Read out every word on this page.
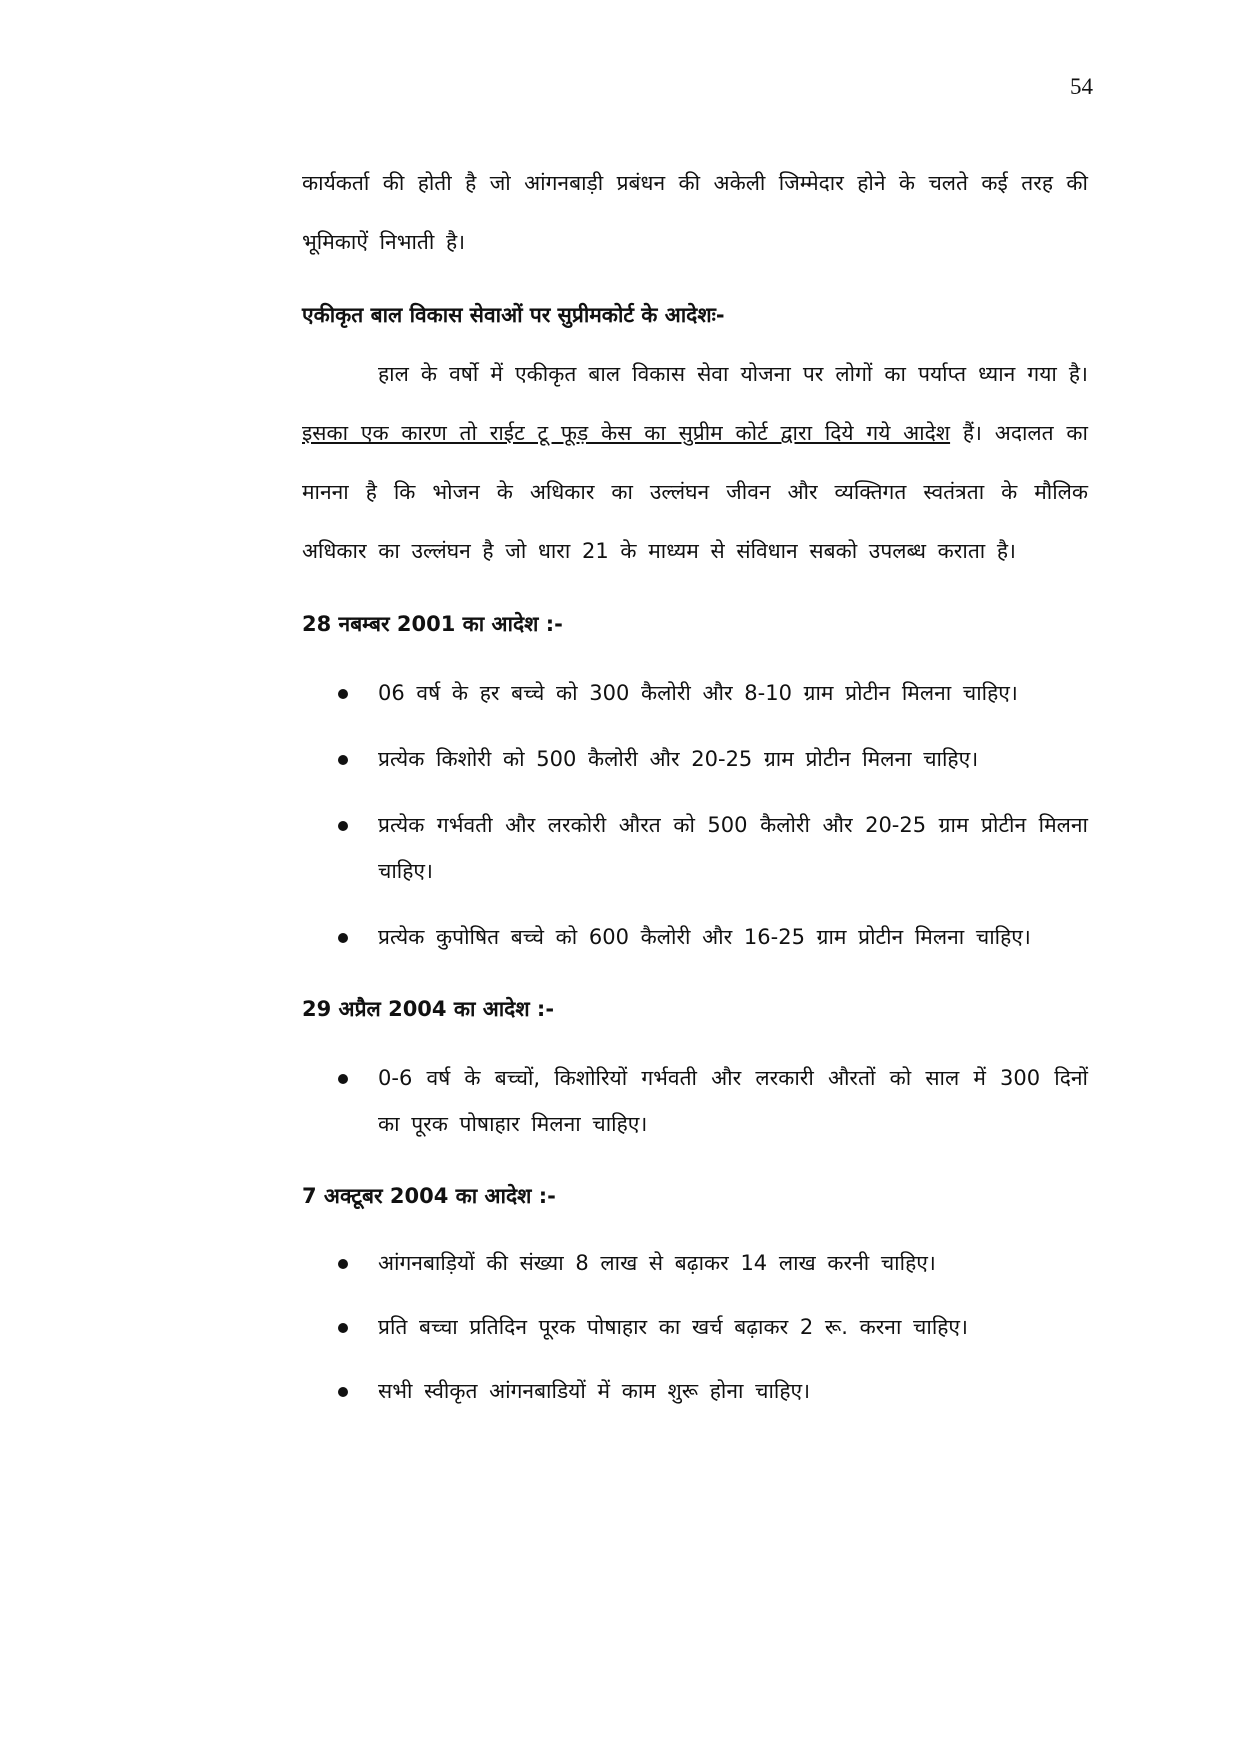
54

कार्यकर्ता की होती है जो आंगनबाड़ी प्रबंधन की अकेली जिम्मेदार होने के चलते कई तरह की भूमिकाऐं निभाती है।

एकीकृत बाल विकास सेवाओं पर सुप्रीमकोर्ट के आदेशः-

हाल के वर्षो में एकीकृत बाल विकास सेवा योजना पर लोगों का पर्याप्त ध्यान गया है। इसका एक कारण तो राईट टू फूड़ केस का सुप्रीम कोर्ट द्वारा दिये गये आदेश हैं। अदालत का मानना है कि भोजन के अधिकार का उल्लंघन जीवन और व्यक्तिगत स्वतंत्रता के मौलिक अधिकार का उल्लंघन है जो धारा 21 के माध्यम से संविधान सबको उपलब्ध कराता है।

28 नबम्बर 2001 का आदेश :-

06 वर्ष के हर बच्चे को 300 कैलोरी और 8-10 ग्राम प्रोटीन मिलना चाहिए।
प्रत्येक किशोरी को 500 कैलोरी और 20-25 ग्राम प्रोटीन मिलना चाहिए।
प्रत्येक गर्भवती और लरकोरी औरत को 500 कैलोरी और 20-25 ग्राम प्रोटीन मिलना चाहिए।
प्रत्येक कुपोषित बच्चे को 600 कैलोरी और 16-25 ग्राम प्रोटीन मिलना चाहिए।

29 अप्रैल 2004 का आदेश :-

0-6 वर्ष के बच्चों, किशोरियों गर्भवती और लरकारी औरतों को साल में 300 दिनों का पूरक पोषाहार मिलना चाहिए।

7 अक्टूबर 2004 का आदेश :-

आंगनबाड़ियों की संख्या 8 लाख से बढ़ाकर 14 लाख करनी चाहिए।
प्रति बच्चा प्रतिदिन पूरक पोषाहार का खर्च बढ़ाकर 2 रू. करना चाहिए।
सभी स्वीकृत आंगनबाडियों में काम शुरू होना चाहिए।
